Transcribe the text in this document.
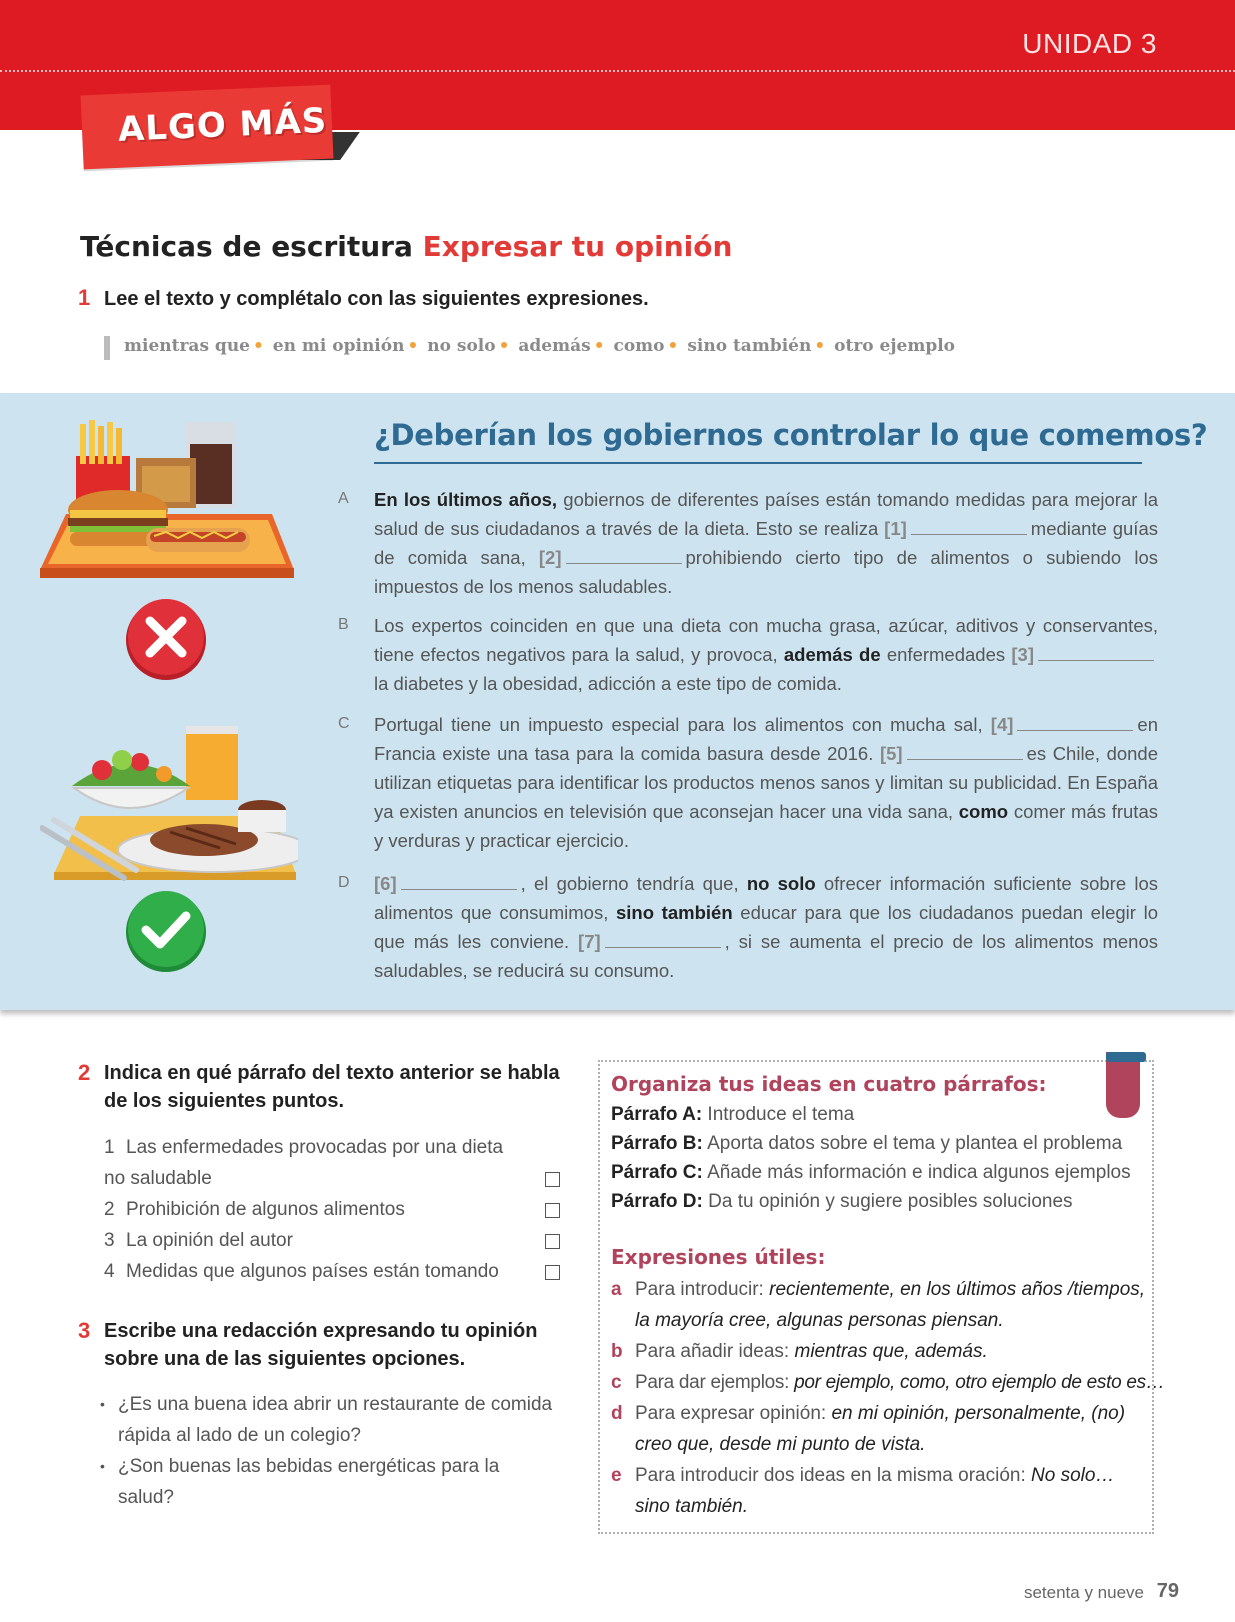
UNIDAD 3
ALGO MÁS
Técnicas de escritura Expresar tu opinión
1 Lee el texto y complétalo con las siguientes expresiones.
mientras que • en mi opinión • no solo • además • como • sino también • otro ejemplo
¿Deberían los gobiernos controlar lo que comemos?
A En los últimos años, gobiernos de diferentes países están tomando medidas para mejorar la salud de sus ciudadanos a través de la dieta. Esto se realiza [1]	mediante guías de comida sana, [2]	prohibiendo cierto tipo de alimentos o subiendo los impuestos de los menos saludables.
B Los expertos coinciden en que una dieta con mucha grasa, azúcar, aditivos y conservantes, tiene efectos negativos para la salud, y provoca, además de enfermedades [3]la diabetes y la obesidad, adicción a este tipo de comida.
C Portugal tiene un impuesto especial para los alimentos con mucha sal, [4]	en Francia existe una tasa para la comida basura desde 2016. [5]	es Chile, donde utilizan etiquetas para identificar los productos menos sanos y limitan su publicidad. En España ya existen anuncios en televisión que aconsejan hacer una vida sana, como comer más frutas y verduras y practicar ejercicio.
D [6]	, el gobierno tendría que, no solo ofrecer información suficiente sobre los alimentos que consumimos, sino también educar para que los ciudadanos puedan elegir lo que más les conviene. [7]	, si se aumenta el precio de los alimentos menos saludables, se reducirá su consumo.
2 Indica en qué párrafo del texto anterior se habla de los siguientes puntos.
1 Las enfermedades provocadas por una dieta no saludable
2 Prohibición de algunos alimentos
3 La opinión del autor
4 Medidas que algunos países están tomando
3 Escribe una redacción expresando tu opinión sobre una de las siguientes opciones.
• ¿Es una buena idea abrir un restaurante de comida rápida al lado de un colegio?
• ¿Son buenas las bebidas energéticas para la salud?
Organiza tus ideas en cuatro párrafos:
Párrafo A: Introduce el tema
Párrafo B: Aporta datos sobre el tema y plantea el problema
Párrafo C: Añade más información e indica algunos ejemplos
Párrafo D: Da tu opinión y sugiere posibles soluciones
Expresiones útiles:
a Para introducir: recientemente, en los últimos años /tiempos, la mayoría cree, algunas personas piensan.
b Para añadir ideas: mientras que, además.
c Para dar ejemplos: por ejemplo, como, otro ejemplo de esto es…
d Para expresar opinión: en mi opinión, personalmente, (no) creo que, desde mi punto de vista.
e Para introducir dos ideas en la misma oración: No solo… sino también.
setenta y nueve 79
